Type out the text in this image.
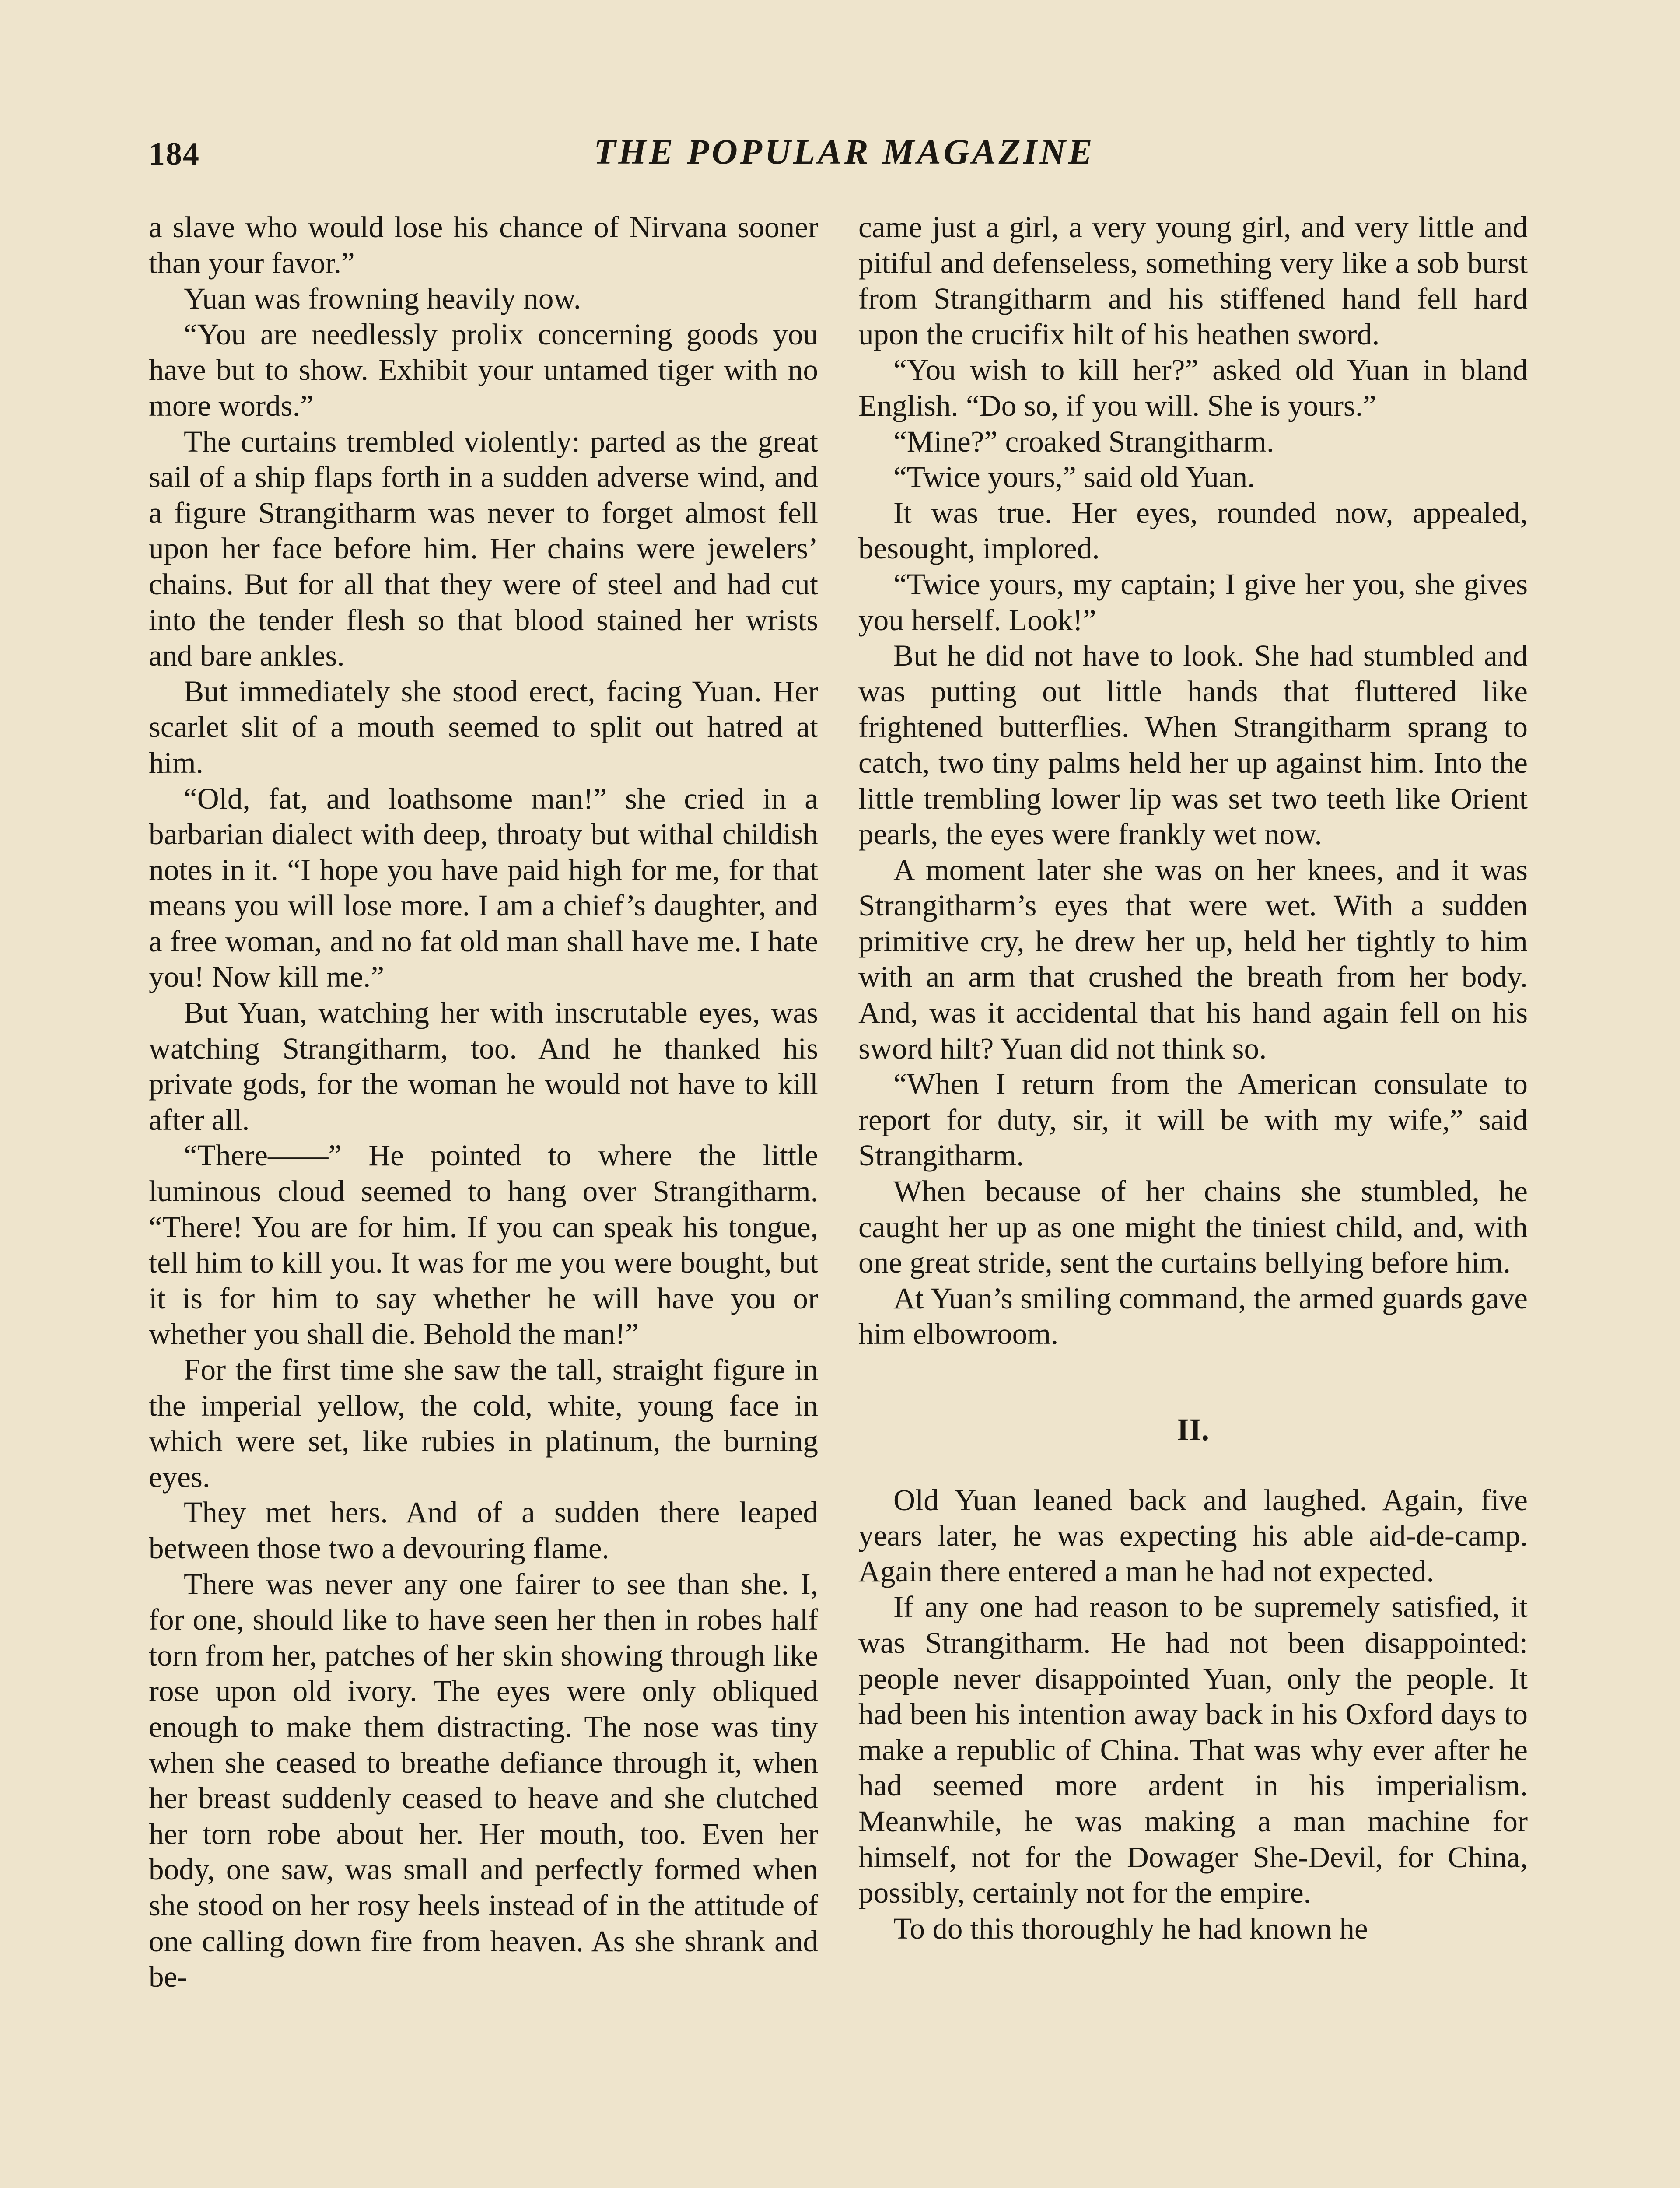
184	THE POPULAR MAGAZINE

a slave who would lose his chance of Nirvana sooner than your favor.”

Yuan was frowning heavily now.

“You are needlessly prolix concerning goods you have but to show. Exhibit your untamed tiger with no more words.”

The curtains trembled violently: parted as the great sail of a ship flaps forth in a sudden adverse wind, and a figure Strangitharm was never to forget almost fell upon her face before him. Her chains were jewelers’ chains. But for all that they were of steel and had cut into the tender flesh so that blood stained her wrists and bare ankles.

But immediately she stood erect, facing Yuan. Her scarlet slit of a mouth seemed to split out hatred at him.

“Old, fat, and loathsome man!” she cried in a barbarian dialect with deep, throaty but withal childish notes in it. “I hope you have paid high for me, for that means you will lose more. I am a chief’s daughter, and a free woman, and no fat old man shall have me. I hate you! Now kill me.”

But Yuan, watching her with inscrutable eyes, was watching Strangitharm, too. And he thanked his private gods, for the woman he would not have to kill after all.

“There——” He pointed to where the little luminous cloud seemed to hang over Strangitharm. “There! You are for him. If you can speak his tongue, tell him to kill you. It was for me you were bought, but it is for him to say whether he will have you or whether you shall die. Behold the man!”

For the first time she saw the tall, straight figure in the imperial yellow, the cold, white, young face in which were set, like rubies in platinum, the burning eyes.

They met hers. And of a sudden there leaped between those two a devouring flame.

There was never any one fairer to see than she. I, for one, should like to have seen her then in robes half torn from her, patches of her skin showing through like rose upon old ivory. The eyes were only obliqued enough to make them distracting. The nose was tiny when she ceased to breathe defiance through it, when her breast suddenly ceased to heave and she clutched her torn robe about her. Her mouth, too. Even her body, one saw, was small and perfectly formed when she stood on her rosy heels instead of in the attitude of one calling down fire from heaven. As she shrank and be-

came just a girl, a very young girl, and very little and pitiful and defenseless, something very like a sob burst from Strangitharm and his stiffened hand fell hard upon the crucifix hilt of his heathen sword.

“You wish to kill her?” asked old Yuan in bland English. “Do so, if you will. She is yours.”

“Mine?” croaked Strangitharm.

“Twice yours,” said old Yuan.

It was true. Her eyes, rounded now, appealed, besought, implored.

“Twice yours, my captain; I give her you, she gives you herself. Look!”

But he did not have to look. She had stumbled and was putting out little hands that fluttered like frightened butterflies. When Strangitharm sprang to catch, two tiny palms held her up against him. Into the little trembling lower lip was set two teeth like Orient pearls, the eyes were frankly wet now.

A moment later she was on her knees, and it was Strangitharm’s eyes that were wet. With a sudden primitive cry, he drew her up, held her tightly to him with an arm that crushed the breath from her body. And, was it accidental that his hand again fell on his sword hilt? Yuan did not think so.

“When I return from the American consulate to report for duty, sir, it will be with my wife,” said Strangitharm.

When because of her chains she stumbled, he caught her up as one might the tiniest child, and, with one great stride, sent the curtains bellying before him.

At Yuan’s smiling command, the armed guards gave him elbowroom.

II.

Old Yuan leaned back and laughed. Again, five years later, he was expecting his able aid-de-camp. Again there entered a man he had not expected.

If any one had reason to be supremely satisfied, it was Strangitharm. He had not been disappointed: people never disappointed Yuan, only the people. It had been his intention away back in his Oxford days to make a republic of China. That was why ever after he had seemed more ardent in his imperialism. Meanwhile, he was making a man machine for himself, not for the Dowager She-Devil, for China, possibly, certainly not for the empire.

To do this thoroughly he had known he
